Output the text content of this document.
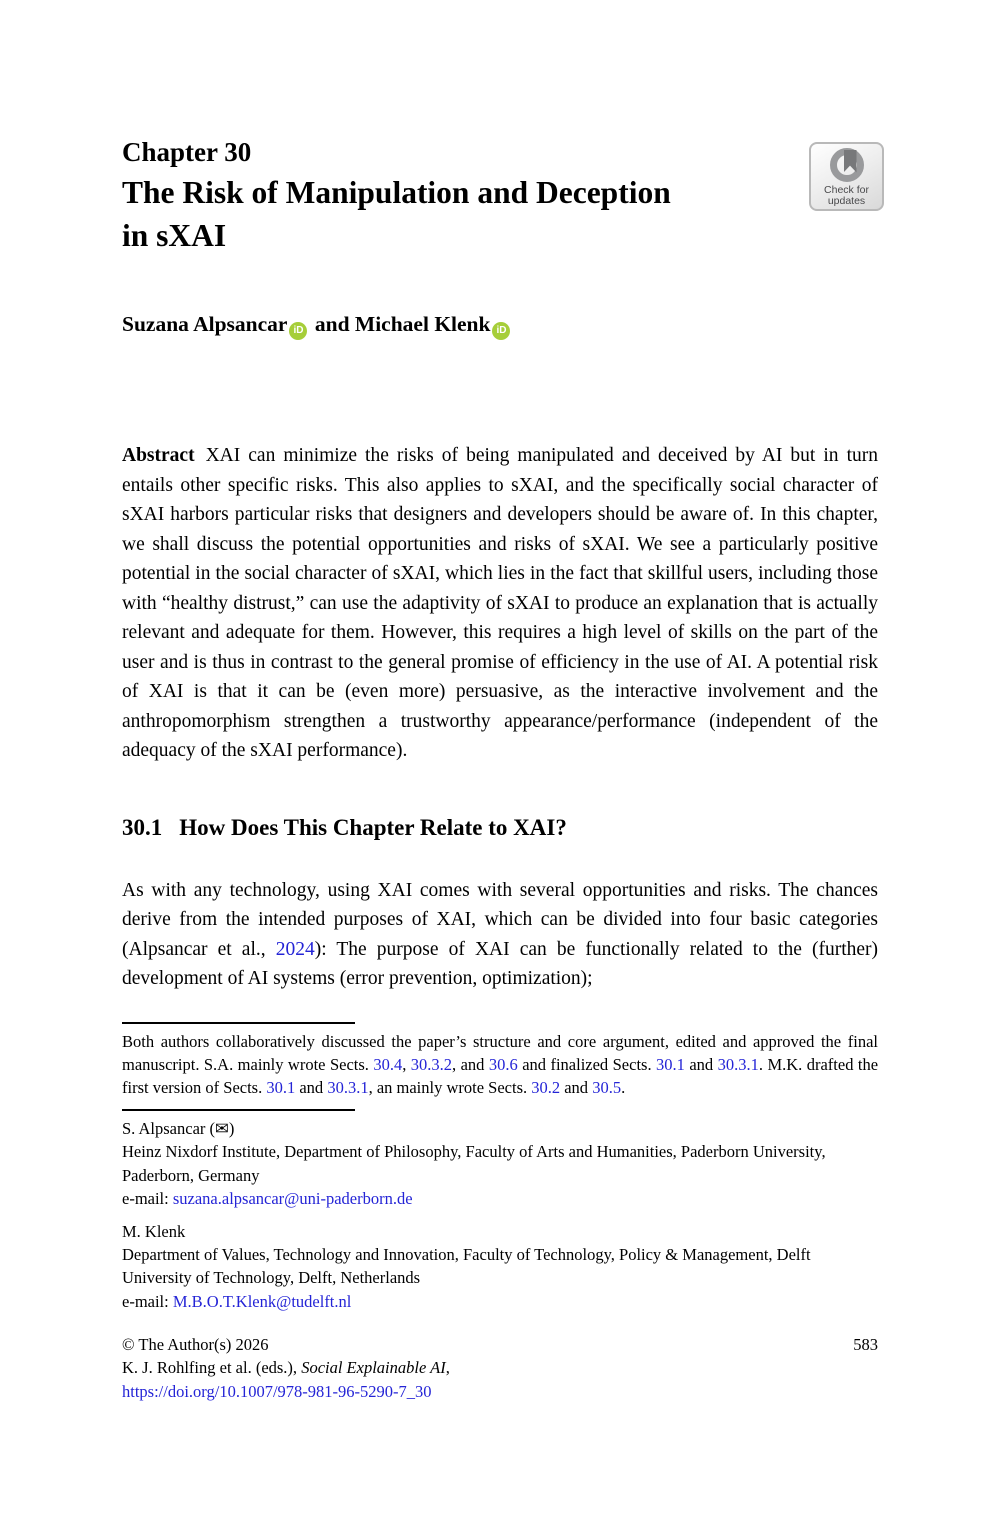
Check for
updates
Chapter 30
The Risk of Manipulation and Deception
in sXAI
Suzana Alpsancar iD and Michael Klenk iD
Abstract XAI can minimize the risks of being manipulated and deceived by AI but in turn entails other specific risks. This also applies to sXAI, and the specifically social character of sXAI harbors particular risks that designers and developers should be aware of. In this chapter, we shall discuss the potential opportunities and risks of sXAI. We see a particularly positive potential in the social character of sXAI, which lies in the fact that skillful users, including those with “healthy distrust,” can use the adaptivity of sXAI to produce an explanation that is actually relevant and adequate for them. However, this requires a high level of skills on the part of the user and is thus in contrast to the general promise of efficiency in the use of AI. A potential risk of XAI is that it can be (even more) persuasive, as the interactive involvement and the anthropomorphism strengthen a trustworthy appearance/performance (independent of the adequacy of the sXAI performance).
30.1 How Does This Chapter Relate to XAI?
As with any technology, using XAI comes with several opportunities and risks. The chances derive from the intended purposes of XAI, which can be divided into four basic categories (Alpsancar et al., 2024): The purpose of XAI can be functionally related to the (further) development of AI systems (error prevention, optimization);
Both authors collaboratively discussed the paper’s structure and core argument, edited and approved the final manuscript. S.A. mainly wrote Sects. 30.4, 30.3.2, and 30.6 and finalized Sects. 30.1 and 30.3.1. M.K. drafted the first version of Sects. 30.1 and 30.3.1, an mainly wrote Sects. 30.2 and 30.5.
S. Alpsancar (✉)
Heinz Nixdorf Institute, Department of Philosophy, Faculty of Arts and Humanities, Paderborn University, Paderborn, Germany
e-mail: suzana.alpsancar@uni-paderborn.de
M. Klenk
Department of Values, Technology and Innovation, Faculty of Technology, Policy & Management, Delft University of Technology, Delft, Netherlands
e-mail: M.B.O.T.Klenk@tudelft.nl
© The Author(s) 2026
K. J. Rohlfing et al. (eds.), Social Explainable AI,
https://doi.org/10.1007/978-981-96-5290-7_30
583
